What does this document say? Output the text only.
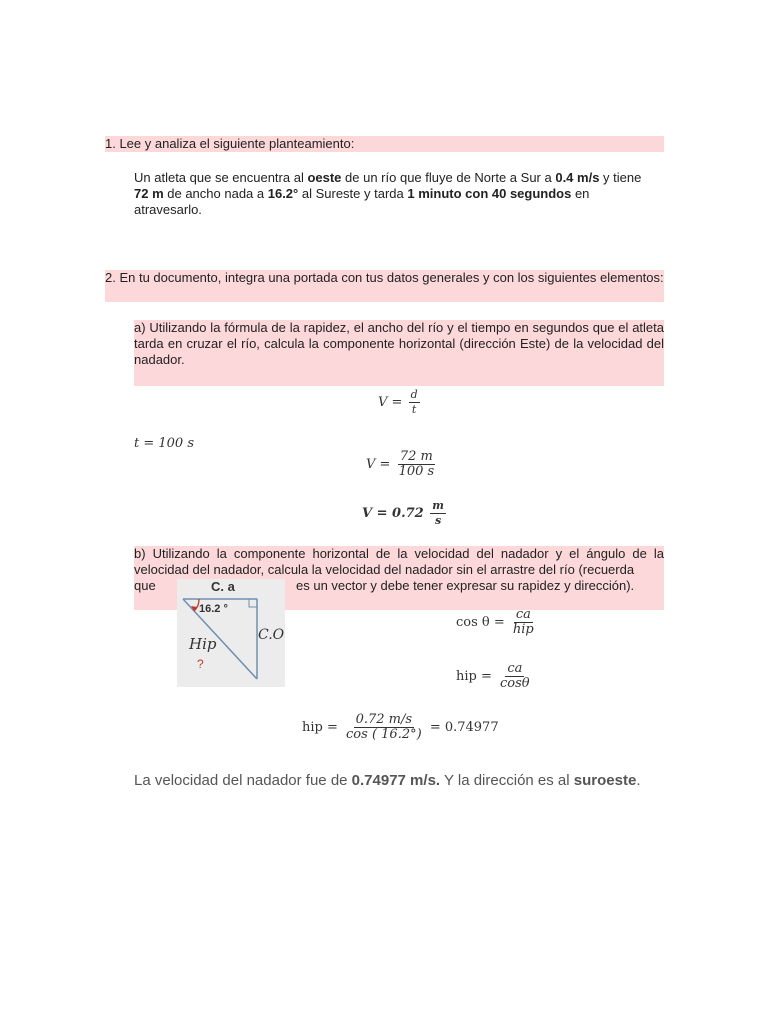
1. Lee y analiza el siguiente planteamiento:
Un atleta que se encuentra al oeste de un río que fluye de Norte a Sur a 0.4 m/s y tiene 72 m de ancho nada a 16.2° al Sureste y tarda 1 minuto con 40 segundos en atravesarlo.
2. En tu documento, integra una portada con tus datos generales y con los siguientes elementos:
a) Utilizando la fórmula de la rapidez, el ancho del río y el tiempo en segundos que el atleta tarda en cruzar el río, calcula la componente horizontal (dirección Este) de la velocidad del nadador.
$V = \frac{d}{t}$
t = 100 s
$V = \frac{72 m}{100 s}$
$V = 0.72 \frac{m}{s}$
b) Utilizando la componente horizontal de la velocidad del nadador y el ángulo de la velocidad del nadador, calcula la velocidad del nadador sin el arrastre del río (recuerda
que	es un vector y debe tener expresar su rapidez y dirección).
C. a
16.2 °
Hip
?
C.O
$\cos \theta = \frac{ca}{\text{hip}}$
hip = $\frac{ca}{\cos\theta}$
hip = $\frac{0.72 m/s}{\cos ( 16.2^\circ)} = 0.74977$
La velocidad del nadador fue de 0.74977 m/s. Y la dirección es al suroeste.
